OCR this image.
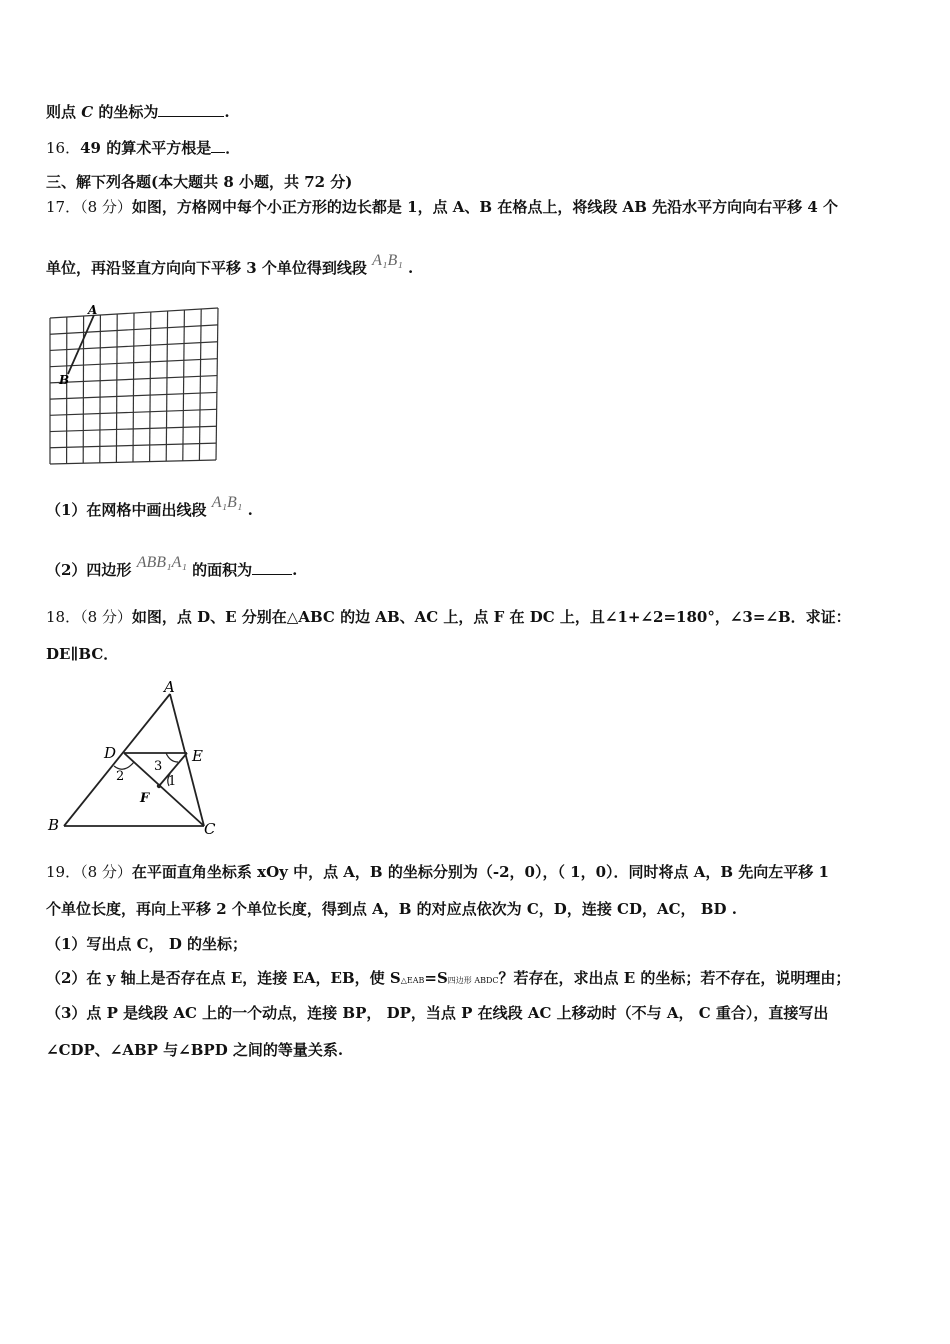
则点 C 的坐标为	.
16．49 的算术平方根是 ．
三、解下列各题(本大题共 8 小题，共 72 分)
17．（8 分）如图，方格网中每个小正方形的边长都是 1，点 A、B 在格点上，将线段 AB 先沿水平方向向右平移 4 个
单位，再沿竖直方向向下平移 3 个单位得到线段 A₁B₁ .
A
B
（1）在网格中画出线段 A₁B₁ .
（2）四边形 ABB₁A₁ 的面积为	.
18．（8 分）如图，点 D、E 分别在△ABC 的边 AB、AC 上，点 F 在 DC 上，且∠1+∠2=180°，∠3=∠B．求证：
DE∥BC．
A
B	C
D	E
F
1
2
3
19．（8 分）在平面直角坐标系 xOy 中，点 A，B 的坐标分别为（-2，0），（ 1，0）．同时将点 A，B 先向左平移 1
个单位长度，再向上平移 2 个单位长度，得到点 A，B 的对应点依次为 C，D，连接 CD，AC， BD .
（1）写出点 C， D 的坐标；
（2）在 y 轴上是否存在点 E，连接 EA，EB，使 S△EAB=S四边形 ABDC？若存在，求出点 E 的坐标；若不存在，说明理由；
（3）点 P 是线段 AC 上的一个动点，连接 BP， DP，当点 P 在线段 AC 上移动时（不与 A， C 重合），直接写出
∠CDP、∠ABP 与∠BPD 之间的等量关系.
